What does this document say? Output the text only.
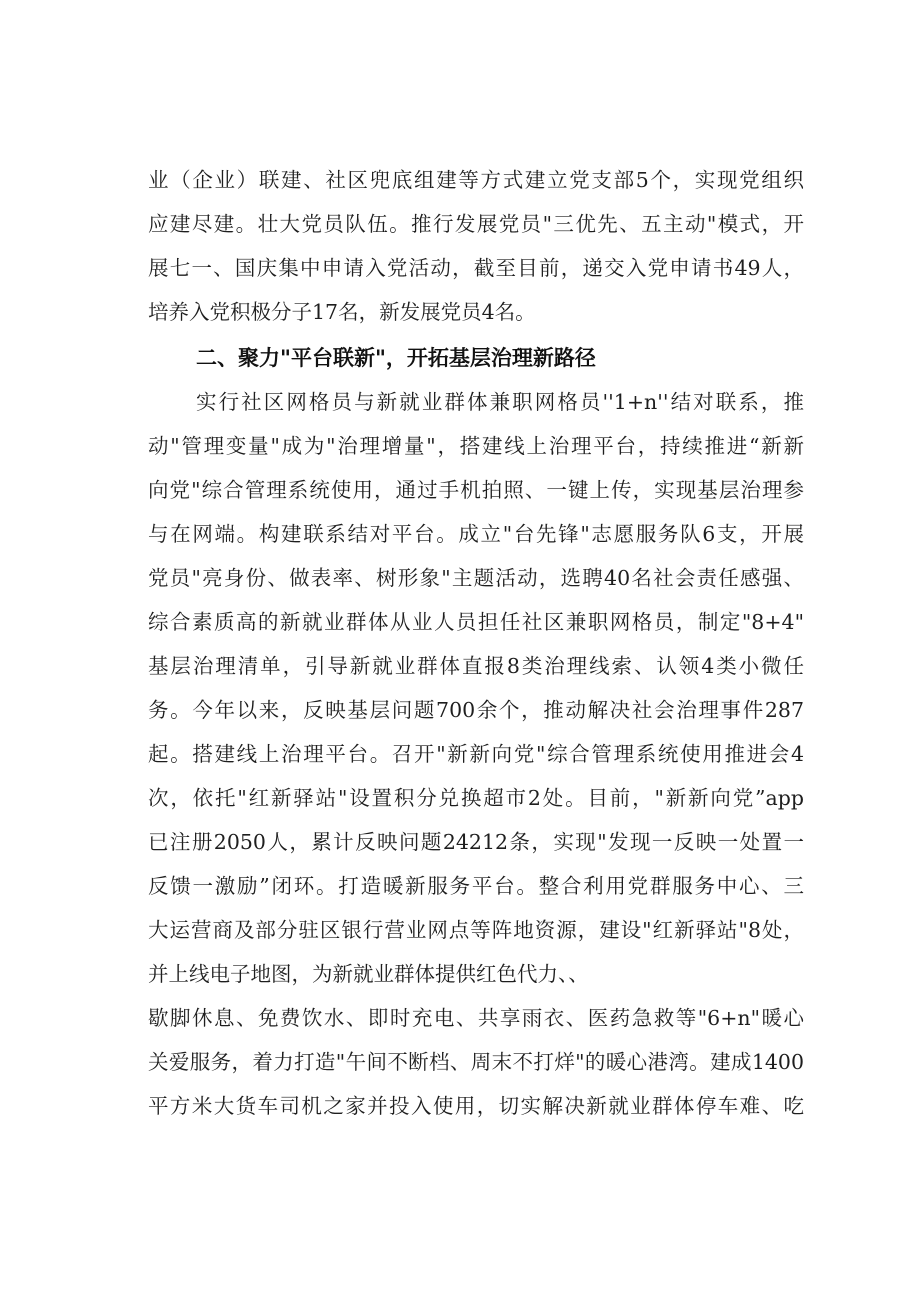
业（企业）联建、社区兜底组建等方式建立党支部5个，实现党组织
应建尽建。壮大党员队伍。推行发展党员"三优先、五主动"模式，开
展七一、国庆集中申请入党活动，截至目前，递交入党申请书49人，
培养入党积极分子17名，新发展党员4名。
二、聚力"平台联新"，开拓基层治理新路径
实行社区网格员与新就业群体兼职网格员''1+n''结对联系，推
动"管理变量"成为"治理增量"，搭建线上治理平台，持续推进“新新
向党"综合管理系统使用，通过手机拍照、一键上传，实现基层治理参
与在网端。构建联系结对平台。成立"台先锋"志愿服务队6支，开展
党员"亮身份、做表率、树形象"主题活动，选聘40名社会责任感强、
综合素质高的新就业群体从业人员担任社区兼职网格员，制定"8+4"
基层治理清单，引导新就业群体直报8类治理线索、认领4类小微任
务。今年以来，反映基层问题700余个，推动解决社会治理事件287
起。搭建线上治理平台。召开"新新向党"综合管理系统使用推进会4
次，依托"红新驿站"设置积分兑换超市2处。目前，"新新向党”app
已注册2050人，累计反映问题24212条，实现"发现一反映一处置一
反馈一激励”闭环。打造暖新服务平台。整合利用党群服务中心、三
大运营商及部分驻区银行营业网点等阵地资源，建设"红新驿站"8处，
并上线电子地图，为新就业群体提供红色代力、、
歇脚休息、免费饮水、即时充电、共享雨衣、医药急救等"6+n"暖心
关爱服务，着力打造"午间不断档、周末不打烊"的暖心港湾。建成1400
平方米大货车司机之家并投入使用，切实解决新就业群体停车难、吃
